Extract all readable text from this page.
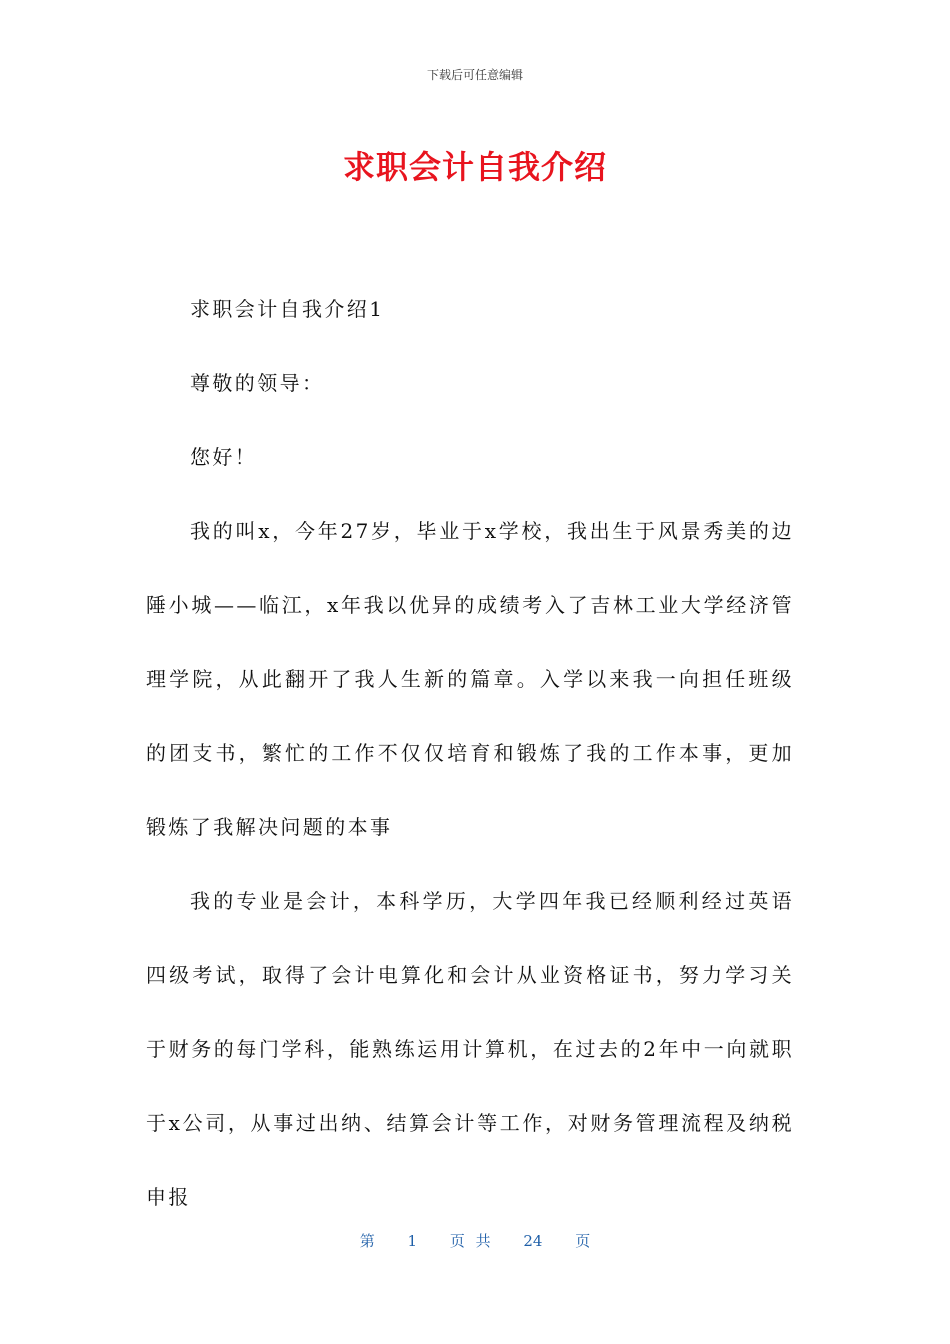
下载后可任意编辑
求职会计自我介绍

求职会计自我介绍1

尊敬的领导：

您好！

我的叫x，今年27岁，毕业于x学校，我出生于风景秀美的边陲小城——临江，x年我以优异的成绩考入了吉林工业大学经济管理学院，从此翻开了我人生新的篇章。入学以来我一向担任班级的团支书，繁忙的工作不仅仅培育和锻炼了我的工作本事，更加锻炼了我解决问题的本事

我的专业是会计，本科学历，大学四年我已经顺利经过英语四级考试，取得了会计电算化和会计从业资格证书，努力学习关于财务的每门学科，能熟练运用计算机，在过去的2年中一向就职于x公司，从事过出纳、结算会计等工作，对财务管理流程及纳税申报

第 1 页 共 24 页
